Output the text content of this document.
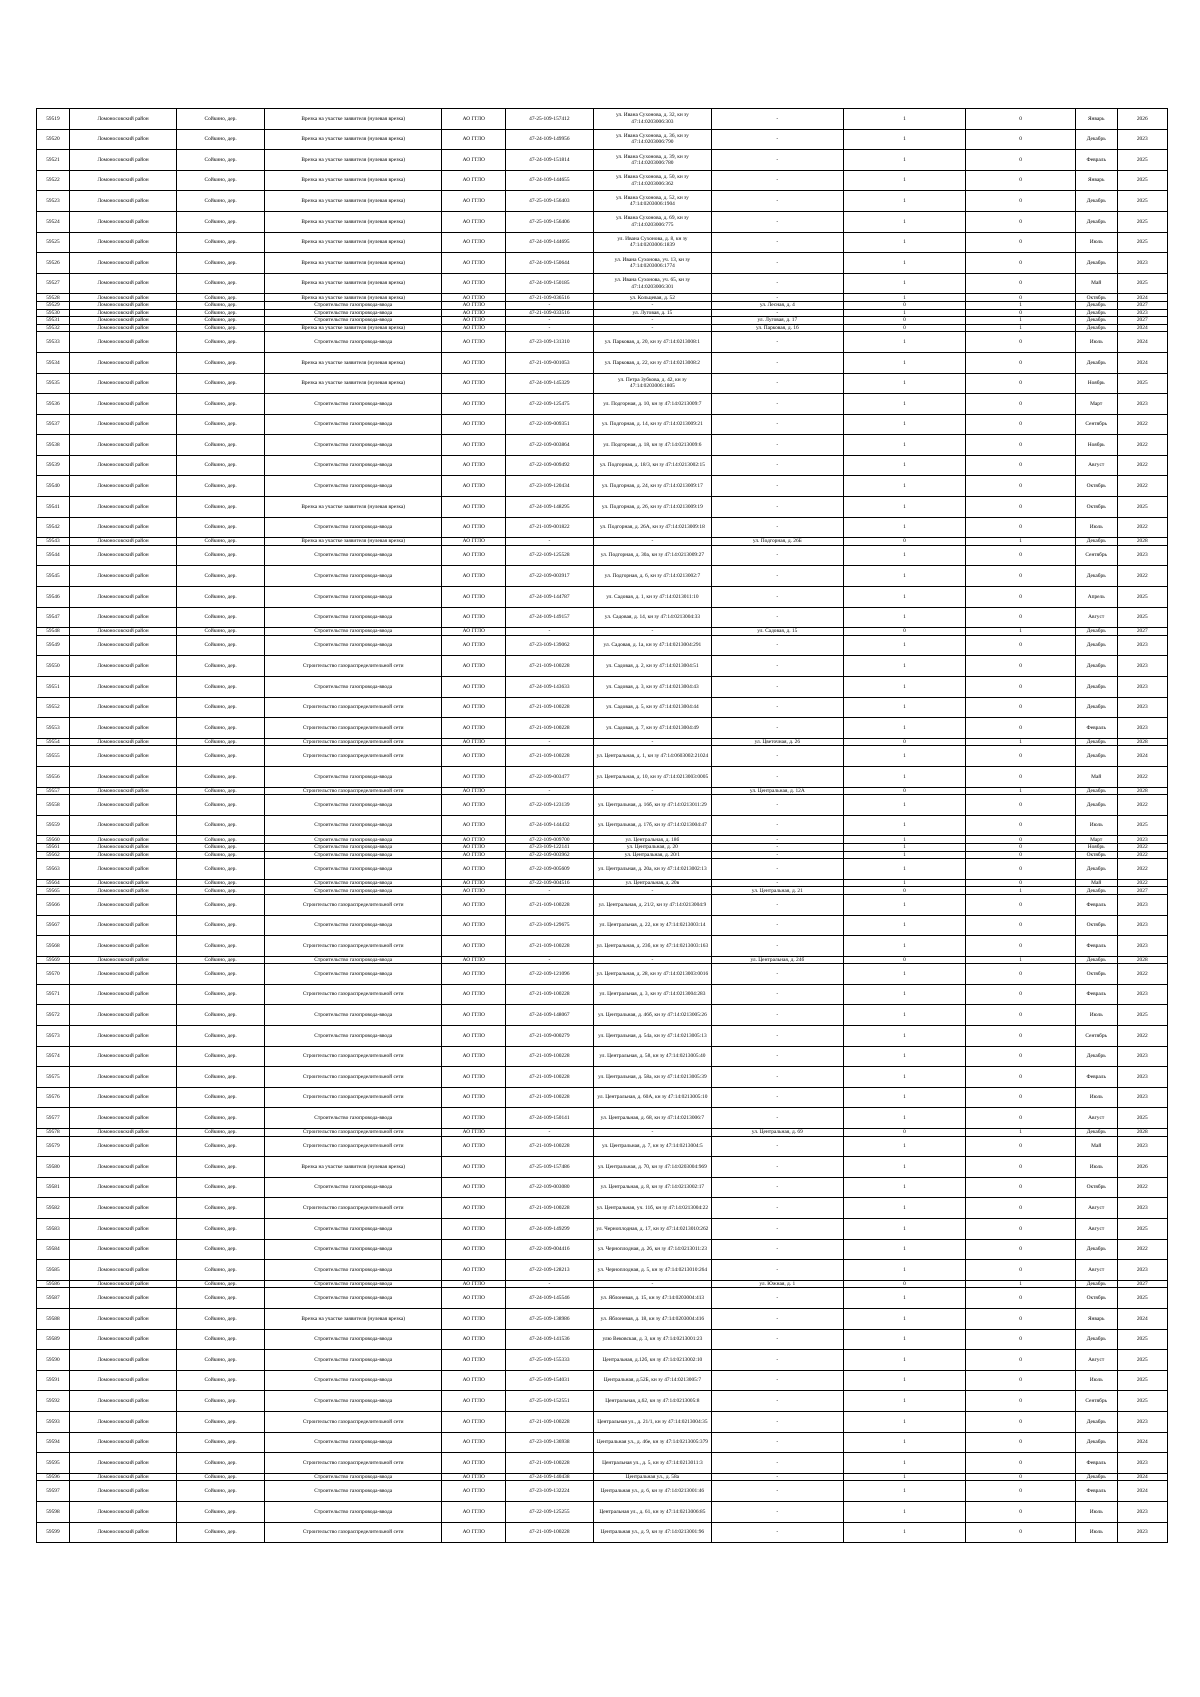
59519	Ломоносовский район	Сойкино, дер.	Врезка на участке заявителя (нулевая врезка)	АО ГГЛО	47-25-109-157412	ул. Ивана Сухонова, д. 32, кн зу 47:14:0203006:303	-	1	0	Январь	2026
59520	Ломоносовский район	Сойкино, дер.	Врезка на участке заявителя (нулевая врезка)	АО ГГЛО	47-24-109-149956	ул. Ивана Сухонова, д. 36, кн зу 47:14:0203006:790	-	1	0	Декабрь	2023
59521	Ломоносовский район	Сойкино, дер.	Врезка на участке заявителя (нулевая врезка)	АО ГГЛО	47-24-109-151814	ул. Ивана Сухонова, д. 39, кн зу 47:14:0203006:780	-	1	0	Февраль	2025
59522	Ломоносовский район	Сойкино, дер.	Врезка на участке заявителя (нулевая врезка)	АО ГГЛО	47-24-109-144655	ул. Ивана Сухонова, д. 50, кн зу 47:14:0203006:362	-	1	0	Январь	2025
59523	Ломоносовский район	Сойкино, дер.	Врезка на участке заявителя (нулевая врезка)	АО ГГЛО	47-25-109-156403	ул. Ивана Сухонова, д. 52, кн зу 47:14:0203006:1904	-	1	0	Декабрь	2025
59524	Ломоносовский район	Сойкино, дер.	Врезка на участке заявителя (нулевая врезка)	АО ГГЛО	47-25-109-156406	ул. Ивана Сухонова, д. 69, кн зу 47:14:0203006:775	-	1	0	Декабрь	2025
59525	Ломоносовский район	Сойкино, дер.	Врезка на участке заявителя (нулевая врезка)	АО ГГЛО	47-24-109-144695	ул. Ивана Сухонова, д. 8, кн зу 47:14:0203006:1839	-	1	0	Июль	2025
59526	Ломоносовский район	Сойкино, дер.	Врезка на участке заявителя (нулевая врезка)	АО ГГЛО	47-24-109-150644	ул. Ивана Сухонова, уч. 13, кн зу 47:14:0203006:1774	-	1	0	Декабрь	2023
59527	Ломоносовский район	Сойкино, дер.	Врезка на участке заявителя (нулевая врезка)	АО ГГЛО	47-24-109-150185	ул. Ивана Сухонова, уч. 65, кн зу 47:14:0203006:301	-	1	0	Май	2025
59528	Ломоносовский район	Сойкино, дер.	Врезка на участке заявителя (нулевая врезка)	АО ГГЛО	47-21-109-036516	ул. Кольцевая, д. 52	-	1	0	Октябрь	2024
59529	Ломоносовский район	Сойкино, дер.	Строительство газопровода-ввода	АО ГГЛО	-	-	ул. Лесная, д. 4	0	1	Декабрь	2027
59530	Ломоносовский район	Сойкино, дер.	Строительство газопровода-ввода	АО ГГЛО	47-21-109-033516	ул. Луговая, д. 15	-	1	0	Декабрь	2023
59531	Ломоносовский район	Сойкино, дер.	Строительство газопровода-ввода	АО ГГЛО	-	-	ул. Луговая, д. 17	0	1	Декабрь	2027
59532	Ломоносовский район	Сойкино, дер.	Врезка на участке заявителя (нулевая врезка)	АО ГГЛО	-	-	ул. Парковая, д. 16	0	1	Декабрь	2024
59533	Ломоносовский район	Сойкино, дер.	Строительство газопровода-ввода	АО ГГЛО	47-23-109-131310	ул. Парковая, д. 20, кн зу 47:14:0213008:1	-	1	0	Июль	2024
59534	Ломоносовский район	Сойкино, дер.	Врезка на участке заявителя (нулевая врезка)	АО ГГЛО	47-21-109-001053	ул. Парковая, д. 22, кн зу 47:14:0213008:2	-	1	0	Декабрь	2024
59535	Ломоносовский район	Сойкино, дер.	Врезка на участке заявителя (нулевая врезка)	АО ГГЛО	47-24-109-145329	ул. Петра Зубкова, д. 42, кн зу 47:14:0203006:1805	-	1	0	Ноябрь	2025
59536	Ломоносовский район	Сойкино, дер.	Строительство газопровода-ввода	АО ГГЛО	47-22-109-125475	ул. Подгорная, д. 10, кн зу 47:14:0213009:7	-	1	0	Март	2023
59537	Ломоносовский район	Сойкино, дер.	Строительство газопровода-ввода	АО ГГЛО	47-22-109-009351	ул. Подгорная, д. 14, кн зу 47:14:0213009:21	-	1	0	Сентябрь	2022
59538	Ломоносовский район	Сойкино, дер.	Строительство газопровода-ввода	АО ГГЛО	47-22-109-003864	ул. Подгорная, д. 18, кн зу 47:14:0213009:6	-	1	0	Ноябрь	2022
59539	Ломоносовский район	Сойкино, дер.	Строительство газопровода-ввода	АО ГГЛО	47-22-109-009492	ул. Подгорная, д. 18/3, кн зу 47:14:0213002:15	-	1	0	Август	2022
59540	Ломоносовский район	Сойкино, дер.	Строительство газопровода-ввода	АО ГГЛО	47-23-109-120434	ул. Подгорная, д. 24, кн зу 47:14:0213009:17	-	1	0	Октябрь	2022
59541	Ломоносовский район	Сойкино, дер.	Врезка на участке заявителя (нулевая врезка)	АО ГГЛО	47-24-109-148295	ул. Подгорная, д. 26, кн зу 47:14:0213009:19	-	1	0	Октябрь	2025
59542	Ломоносовский район	Сойкино, дер.	Строительство газопровода-ввода	АО ГГЛО	47-21-109-001822	ул. Подгорная, д. 26А, кн зу 47:14:0213009:18	-	1	0	Июль	2022
59543	Ломоносовский район	Сойкино, дер.	Врезка на участке заявителя (нулевая врезка)	АО ГГЛО	-	-	ул. Подгорная, д. 26Б	0	1	Декабрь	2028
59544	Ломоносовский район	Сойкино, дер.	Строительство газопровода-ввода	АО ГГЛО	47-22-109-125528	ул. Подгорная, д. 30а, кн зу 47:14:0213009:27	-	1	0	Сентябрь	2023
59545	Ломоносовский район	Сойкино, дер.	Строительство газопровода-ввода	АО ГГЛО	47-22-109-003917	ул. Подгорная, д. 6, кн зу 47:14:0213002:7	-	1	0	Декабрь	2022
59546	Ломоносовский район	Сойкино, дер.	Строительство газопровода-ввода	АО ГГЛО	47-24-109-144787	ул. Садовая, д. 1, кн зу 47:14:0213011:10	-	1	0	Апрель	2025
59547	Ломоносовский район	Сойкино, дер.	Строительство газопровода-ввода	АО ГГЛО	47-24-109-149157	ул. Садовая, д. 14, кн зу 47:14:0213004:33	-	1	0	Август	2025
59548	Ломоносовский район	Сойкино, дер.	Строительство газопровода-ввода	АО ГГЛО	-	-	ул. Садовая, д. 15	0	1	Декабрь	2027
59549	Ломоносовский район	Сойкино, дер.	Строительство газопровода-ввода	АО ГГЛО	47-23-109-139062	ул. Садовая, д. 1а, кн зу 47:14:0213004:291	-	1	0	Декабрь	2023
59550	Ломоносовский район	Сойкино, дер.	Строительство газораспределительной сети	АО ГГЛО	47-21-109-100228	ул. Садовая, д. 2, кн зу 47:14:0213004:51	-	1	0	Декабрь	2023
59551	Ломоносовский район	Сойкино, дер.	Строительство газопровода-ввода	АО ГГЛО	47-24-109-143633	ул. Садовая, д. 3, кн зу 47:14:0213004:43	-	1	0	Декабрь	2023
59552	Ломоносовский район	Сойкино, дер.	Строительство газораспределительной сети	АО ГГЛО	47-21-109-100228	ул. Садовая, д. 5, кн зу 47:14:0213004:44	-	1	0	Декабрь	2023
59553	Ломоносовский район	Сойкино, дер.	Строительство газораспределительной сети	АО ГГЛО	47-21-109-100228	ул. Садовая, д. 7, кн зу 47:14:0213004:49	-	1	0	Февраль	2023
59554	Ломоносовский район	Сойкино, дер.	Строительство газораспределительной сети	АО ГГЛО	-	-	ул. Цветочная, д. 26	0	1	Декабрь	2028
59555	Ломоносовский район	Сойкино, дер.	Строительство газораспределительной сети	АО ГГЛО	47-21-109-100228	ул. Центральная, д. 1, кн зу 47:14:0603002:21024	-	1	0	Декабрь	2024
59556	Ломоносовский район	Сойкино, дер.	Строительство газопровода-ввода	АО ГГЛО	47-22-109-003477	ул. Центральная, д. 10, кн зу 47:14:0213003:0005	-	1	0	Май	2022
59557	Ломоносовский район	Сойкино, дер.	Строительство газораспределительной сети	АО ГГЛО	-	-	ул. Центральная, д. 12А	0	1	Декабрь	2028
59558	Ломоносовский район	Сойкино, дер.	Строительство газопровода-ввода	АО ГГЛО	47-22-109-123139	ул. Центральная, д. 16б, кн зу 47:14:0213011:29	-	1	0	Декабрь	2022
59559	Ломоносовский район	Сойкино, дер.	Строительство газопровода-ввода	АО ГГЛО	47-24-109-144432	ул. Центральная, д. 17б, кн зу 47:14:0213004:47	-	1	0	Июль	2025
59560	Ломоносовский район	Сойкино, дер.	Строительство газопровода-ввода	АО ГГЛО	47-22-109-009700	ул. Центральная, д. 18б	-	1	0	Март	2023
59561	Ломоносовский район	Сойкино, дер.	Строительство газопровода-ввода	АО ГГЛО	47-23-109-122141	ул. Центральная, д. 20	-	1	0	Ноябрь	2022
59562	Ломоносовский район	Сойкино, дер.	Строительство газопровода-ввода	АО ГГЛО	47-22-109-003962	ул. Центральная, д. 20/1	-	1	0	Октябрь	2022
59563	Ломоносовский район	Сойкино, дер.	Строительство газопровода-ввода	АО ГГЛО	47-22-109-005609	ул. Центральная, д. 20а, кн зу 47:14:0213002:13	-	1	0	Декабрь	2022
59564	Ломоносовский район	Сойкино, дер.	Строительство газопровода-ввода	АО ГГЛО	47-22-109-004516	ул. Центральная, д. 20в	-	1	0	Май	2022
59565	Ломоносовский район	Сойкино, дер.	Строительство газопровода-ввода	АО ГГЛО	-	-	ул. Центральная, д. 21	0	1	Декабрь	2027
59566	Ломоносовский район	Сойкино, дер.	Строительство газораспределительной сети	АО ГГЛО	47-21-109-100228	ул. Центральная, д. 21/2, кн зу 47:14:0213004:9	-	1	0	Февраль	2023
59567	Ломоносовский район	Сойкино, дер.	Строительство газопровода-ввода	АО ГГЛО	47-23-109-129675	ул. Центральная, д. 22, кн зу 47:14:0213003:14	-	1	0	Октябрь	2023
59568	Ломоносовский район	Сойкино, дер.	Строительство газораспределительной сети	АО ГГЛО	47-21-109-100228	ул. Центральная, д. 23б, кн зу 47:14:0213003:163	-	1	0	Февраль	2023
59569	Ломоносовский район	Сойкино, дер.	Строительство газопровода-ввода	АО ГГЛО	-	-	ул. Центральная, д. 24б	0	1	Декабрь	2028
59570	Ломоносовский район	Сойкино, дер.	Строительство газопровода-ввода	АО ГГЛО	47-22-109-121096	ул. Центральная, д. 28, кн зу 47:14:0213003:0016	-	1	0	Октябрь	2022
59571	Ломоносовский район	Сойкино, дер.	Строительство газораспределительной сети	АО ГГЛО	47-21-109-100228	ул. Центральная, д. 3, кн зу 47:14:0213004:283	-	1	0	Февраль	2023
59572	Ломоносовский район	Сойкино, дер.	Строительство газопровода-ввода	АО ГГЛО	47-24-109-148067	ул. Центральная, д. 46б, кн зу 47:14:0213005:26	-	1	0	Июль	2025
59573	Ломоносовский район	Сойкино, дер.	Строительство газопровода-ввода	АО ГГЛО	47-21-109-000279	ул. Центральная, д. 54а, кн зу 47:14:0213005:13	-	1	0	Сентябрь	2022
59574	Ломоносовский район	Сойкино, дер.	Строительство газораспределительной сети	АО ГГЛО	47-21-109-100228	ул. Центральная, д. 58, кн зу 47:14:0213005:40	-	1	0	Декабрь	2023
59575	Ломоносовский район	Сойкино, дер.	Строительство газораспределительной сети	АО ГГЛО	47-21-109-100228	ул. Центральная, д. 58а, кн зу 47:14:0213005:39	-	1	0	Февраль	2023
59576	Ломоносовский район	Сойкино, дер.	Строительство газораспределительной сети	АО ГГЛО	47-21-109-100228	ул. Центральная, д. 60А, кн зу 47:14:0213005:10	-	1	0	Июль	2023
59577	Ломоносовский район	Сойкино, дер.	Строительство газопровода-ввода	АО ГГЛО	47-24-109-150141	ул. Центральная, д. 68, кн зу 47:14:0213006:7	-	1	0	Август	2025
59578	Ломоносовский район	Сойкино, дер.	Строительство газораспределительной сети	АО ГГЛО	-	-	ул. Центральная, д. 69	0	1	Декабрь	2028
59579	Ломоносовский район	Сойкино, дер.	Строительство газораспределительной сети	АО ГГЛО	47-21-109-100228	ул. Центральная, д. 7, кн зу 47:14:0213004:5	-	1	0	Май	2023
59580	Ломоносовский район	Сойкино, дер.	Врезка на участке заявителя (нулевая врезка)	АО ГГЛО	47-25-109-157486	ул. Центральная, д. 70, кн зу 47:14:0203004:969	-	1	0	Июль	2026
59581	Ломоносовский район	Сойкино, дер.	Строительство газопровода-ввода	АО ГГЛО	47-22-109-003080	ул. Центральная, д. 8, кн зу 47:14:0213002:17	-	1	0	Октябрь	2022
59582	Ломоносовский район	Сойкино, дер.	Строительство газораспределительной сети	АО ГГЛО	47-21-109-100228	ул. Центральная, уч. 11б, кн зу 47:14:0213004:22	-	1	0	Август	2023
59583	Ломоносовский район	Сойкино, дер.	Строительство газопровода-ввода	АО ГГЛО	47-24-109-149299	ул. Черноплодная, д. 17, кн зу 47:14:0213010:262	-	1	0	Август	2025
59584	Ломоносовский район	Сойкино, дер.	Строительство газопровода-ввода	АО ГГЛО	47-22-109-004416	ул. Черноплодная, д. 26, кн зу 47:14:0213011:23	-	1	0	Декабрь	2022
59585	Ломоносовский район	Сойкино, дер.	Строительство газопровода-ввода	АО ГГЛО	47-22-109-128213	ул. Черноплодная, д. 5, кн зу 47:14:0213010:264	-	1	0	Август	2023
59586	Ломоносовский район	Сойкино, дер.	Строительство газопровода-ввода	АО ГГЛО	-	-	ул. Южная, д. 1	0	1	Декабрь	2027
59587	Ломоносовский район	Сойкино, дер.	Строительство газопровода-ввода	АО ГГЛО	47-24-109-145546	ул. Яблоневая, д. 15, кн зу 47:14:0203004:413	-	1	0	Октябрь	2025
59588	Ломоносовский район	Сойкино, дер.	Врезка на участке заявителя (нулевая врезка)	АО ГГЛО	47-25-109-138986	ул. Яблоневая, д. 18, кн зу 47:14:0203004:416	-	1	0	Январь	2024
59589	Ломоносовский район	Сойкино, дер.	Строительство газопровода-ввода	АО ГГЛО	47-24-109-141536	улю Вековская, д. 3, кн зу 47:14:0213001:23	-	1	0	Декабрь	2025
59590	Ломоносовский район	Сойкино, дер.	Строительство газопровода-ввода	АО ГГЛО	47-25-109-155333	Центральная, д.12б, кн зу 47:14:0213002:10	-	1	0	Август	2025
59591	Ломоносовский район	Сойкино, дер.	Строительство газопровода-ввода	АО ГГЛО	47-25-109-154031	Центральная, д.52Б, кн зу 47:14:0213005:7	-	1	0	Июль	2025
59592	Ломоносовский район	Сойкино, дер.	Строительство газопровода-ввода	АО ГГЛО	47-25-109-152551	Центральная, д.62, кн зу 47:14:0213005:8	-	1	0	Сентябрь	2025
59593	Ломоносовский район	Сойкино, дер.	Строительство газораспределительной сети	АО ГГЛО	47-21-109-100228	Центральная ул., д. 21/1, кн зу 47:14:0213004:35	-	1	0	Декабрь	2023
59594	Ломоносовский район	Сойкино, дер.	Строительство газопровода-ввода	АО ГГЛО	47-23-109-136938	Центральная ул., д. 46е, кн зу 47:14:0213005:379	-	1	0	Декабрь	2024
59595	Ломоносовский район	Сойкино, дер.	Строительство газораспределительной сети	АО ГГЛО	47-21-109-100228	Центральная ул., д. 5, кн зу 47:14:0213011:3	-	1	0	Февраль	2023
59596	Ломоносовский район	Сойкино, дер.	Строительство газопровода-ввода	АО ГГЛО	47-24-109-140438	Центральная ул., д. 58а	-	1	0	Декабрь	2024
59597	Ломоносовский район	Сойкино, дер.	Строительство газопровода-ввода	АО ГГЛО	47-23-109-132224	Центральная ул., д. 6, кн зу 47:14:0213001:46	-	1	0	Февраль	2024
59598	Ломоносовский район	Сойкино, дер.	Строительство газопровода-ввода	АО ГГЛО	47-22-109-125255	Центральная ул., д. 61, кн зу 47:14:0213006:85	-	1	0	Июль	2023
59599	Ломоносовский район	Сойкино, дер.	Строительство газораспределительной сети	АО ГГЛО	47-21-109-100228	Центральная ул., д. 9, кн зу 47:14:0213001:96	-	1	0	Июль	2023
